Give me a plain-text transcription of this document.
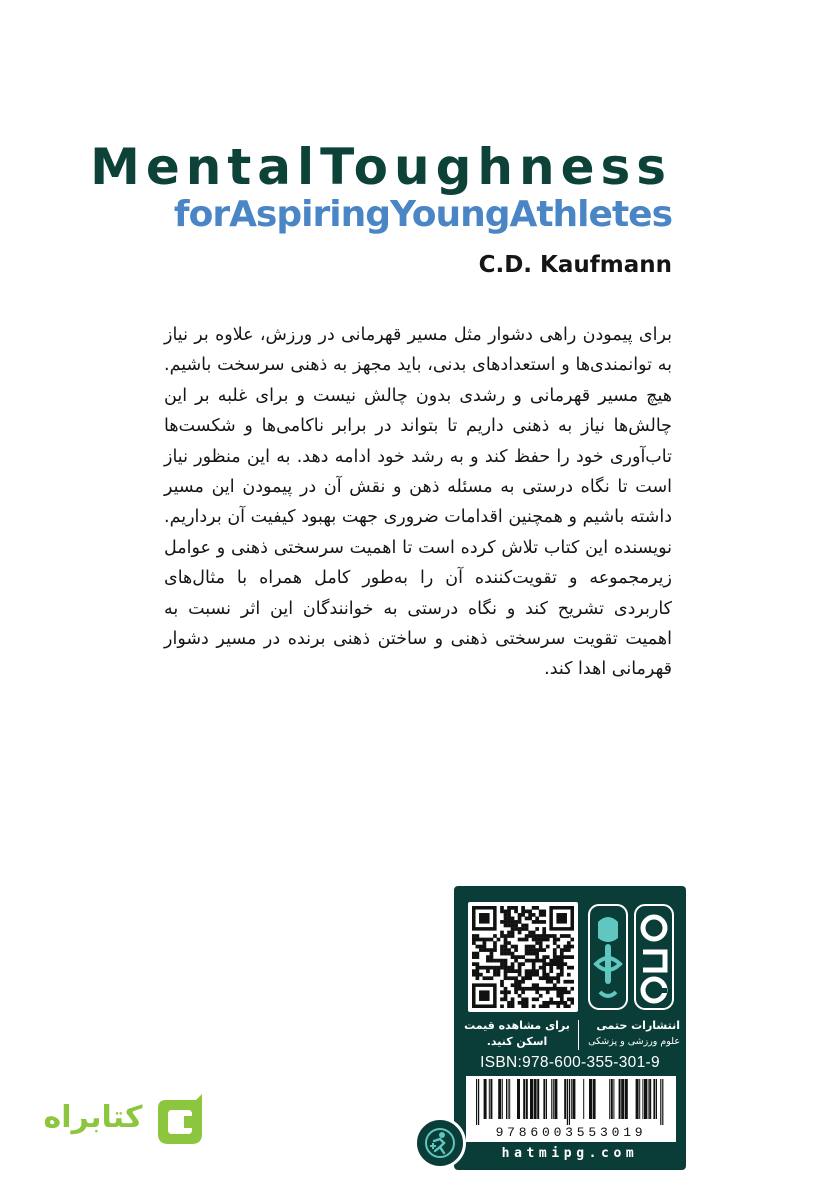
MentalToughness
forAspiringYoungAthletes

C.D. Kaufmann

برای پیمودن راهی دشوار مثل مسیر قهرمانی در ورزش، علاوه بر نیاز به توانمندی‌ها و استعدادهای بدنی، باید مجهز به ذهنی سرسخت باشیم. هیچ مسیر قهرمانی و رشدی بدون چالش نیست و برای غلبه بر این چالش‌ها نیاز به ذهنی داریم تا بتواند در برابر ناکامی‌ها و شکست‌ها تاب‌آوری خود را حفظ کند و به رشد خود ادامه دهد. به این منظور نیاز است تا نگاه درستی به مسئله ذهن و نقش آن در پیمودن این مسیر داشته باشیم و همچنین اقدامات ضروری جهت بهبود کیفیت آن برداریم. نویسنده این کتاب تلاش کرده است تا اهمیت سرسختی ذهنی و عوامل زیرمجموعه و تقویت‌کننده آن را به‌طور کامل همراه با مثال‌های کاربردی تشریح کند و نگاه درستی به خوانندگان این اثر نسبت به اهمیت تقویت سرسختی ذهنی و ساختن ذهنی برنده در مسیر دشوار قهرمانی اهدا کند.

برای مشاهده قیمت
اسکن کنید.
انتشارات حتمی
علوم ورزشی و پزشکی
ISBN:978-600-355-301-9
9786003553019
hatmipg.com
کتابراه
